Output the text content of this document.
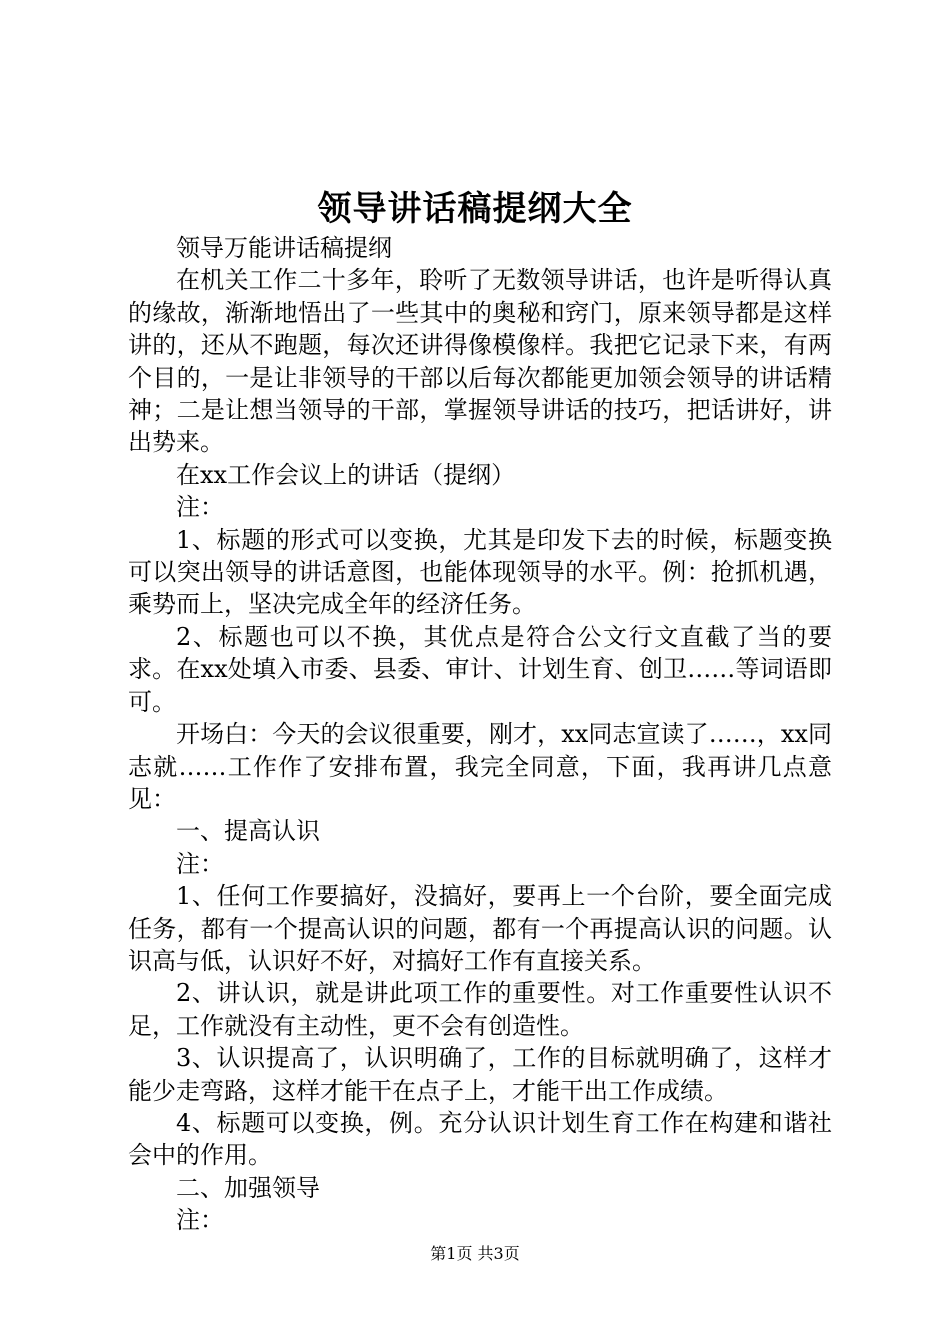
领导讲话稿提纲大全

领导万能讲话稿提纲

在机关工作二十多年，聆听了无数领导讲话，也许是听得认真的缘故，渐渐地悟出了一些其中的奥秘和窍门，原来领导都是这样讲的，还从不跑题，每次还讲得像模像样。我把它记录下来，有两个目的，一是让非领导的干部以后每次都能更加领会领导的讲话精神；二是让想当领导的干部，掌握领导讲话的技巧，把话讲好，讲出势来。

在xx工作会议上的讲话（提纲）

注：

1、标题的形式可以变换，尤其是印发下去的时候，标题变换可以突出领导的讲话意图，也能体现领导的水平。例：抢抓机遇，乘势而上，坚决完成全年的经济任务。

2、标题也可以不换，其优点是符合公文行文直截了当的要求。在xx处填入市委、县委、审计、计划生育、创卫……等词语即可。

开场白：今天的会议很重要，刚才，xx同志宣读了……，xx同志就……工作作了安排布置，我完全同意，下面，我再讲几点意见：

一、提高认识

注：

1、任何工作要搞好，没搞好，要再上一个台阶，要全面完成任务，都有一个提高认识的问题，都有一个再提高认识的问题。认识高与低，认识好不好，对搞好工作有直接关系。

2、讲认识，就是讲此项工作的重要性。对工作重要性认识不足，工作就没有主动性，更不会有创造性。

3、认识提高了，认识明确了，工作的目标就明确了，这样才能少走弯路，这样才能干在点子上，才能干出工作成绩。

4、标题可以变换，例。充分认识计划生育工作在构建和谐社会中的作用。

二、加强领导

注：

第1页 共3页
